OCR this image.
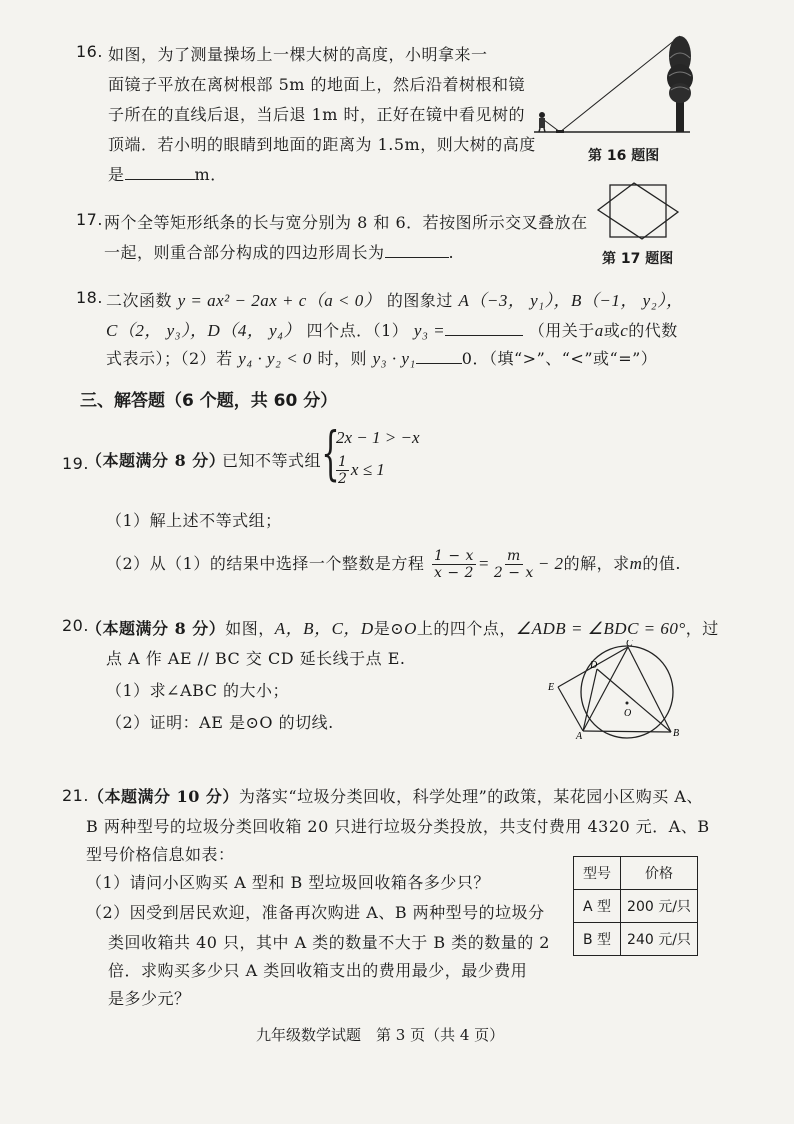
16. 如图，为了测量操场上一棵大树的高度，小明拿来一
面镜子平放在离树根部 5m 的地面上，然后沿着树根和镜
子所在的直线后退，当后退 1m 时，正好在镜中看见树的
顶端．若小明的眼睛到地面的距离为 1.5m，则大树的高度
是	m．
第 16 题图
17. 两个全等矩形纸条的长与宽分别为 8 和 6．若按图所示交叉叠放在
一起，则重合部分构成的四边形周长为	.	第 17 题图
18. 二次函数 y = ax² − 2ax + c（a < 0） 的图象过 A（−3， y₁），B（−1， y₂），
C（2， y₃），D（4， y₄） 四个点．（1） y₃ =	（用关于a或c的代数
式表示）；（2）若 y₄ · y₂ < 0 时，则 y₃ · y₁	0．（填“>”、“<”或“=”）
三、解答题（6 个题，共 60 分）
19.
（本题满分 8 分）
已知不等式组 {
2x − 1 > −x
$\frac{1}{2}$ x ≤ 1
（1）解上述不等式组；
（2）从（1）的结果中选择一个整数是方程 $\frac{1 - x}{x - 2} = \frac{m}{2 - x} - 2$的解，求m的值.
20.
（本题满分 8 分）如图，A，B，C，D是⊙O上的四个点，∠ADB = ∠BDC = 60°，过
点 A 作 AE // BC 交 CD 延长线于点 E.
（1）求∠ABC 的大小；
（2）证明：AE 是⊙O 的切线.
D
C
E
O
A	B
21. （本题满分 10 分）为落实“垃圾分类回收，科学处理”的政策，某花园小区购买 A、
B 两种型号的垃圾分类回收箱 20 只进行垃圾分类投放，共支付费用 4320 元．A、B
型号价格信息如表：
（1）请问小区购买 A 型和 B 型垃圾回收箱各多少只？
（2）因受到居民欢迎，准备再次购进 A、B 两种型号的垃圾分
类回收箱共 40 只，其中 A 类的数量不大于 B 类的数量的 2
倍．求购买多少只 A 类回收箱支出的费用最少，最少费用
是多少元？
型号	价格
A 型	200 元/只
B 型	240 元/只
九年级数学试题　第 3 页（共 4 页）
